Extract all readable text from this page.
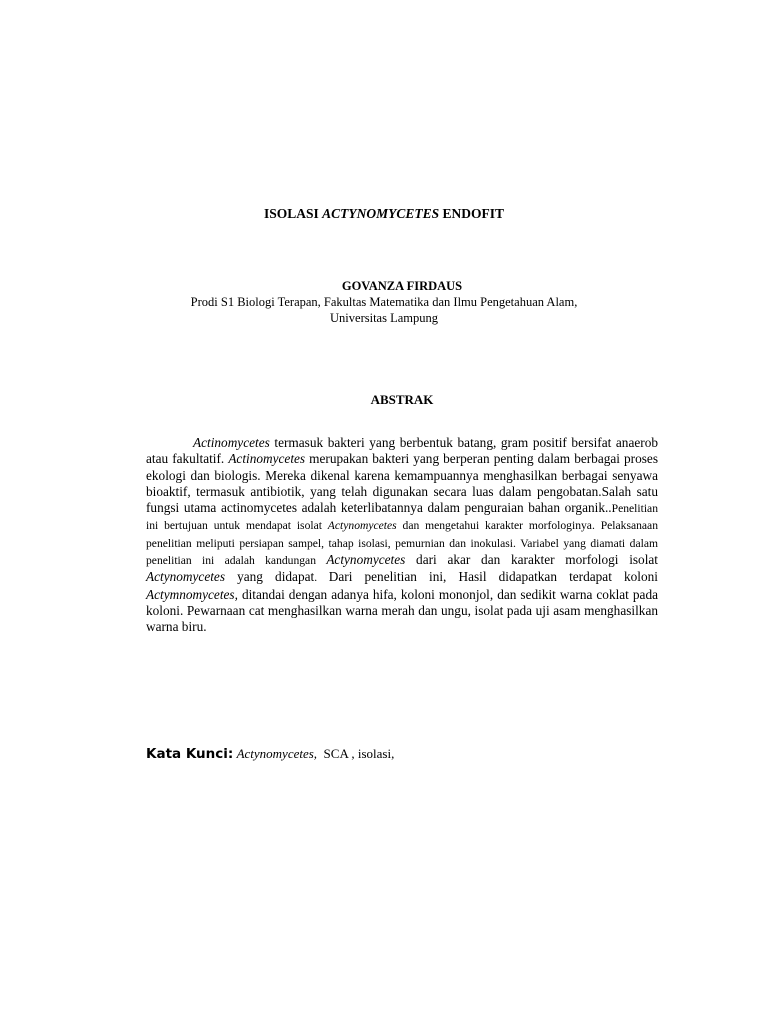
ISOLASI ACTYNOMYCETES ENDOFIT
GOVANZA FIRDAUS
Prodi S1 Biologi Terapan, Fakultas Matematika dan Ilmu Pengetahuan Alam,
Universitas Lampung
ABSTRAK

Actinomycetes termasuk bakteri yang berbentuk batang, gram positif bersifat anaerob atau fakultatif. Actinomycetes merupakan bakteri yang berperan penting dalam berbagai proses ekologi dan biologis. Mereka dikenal karena kemampuannya menghasilkan berbagai senyawa bioaktif, termasuk antibiotik, yang telah digunakan secara luas dalam pengobatan.Salah satu fungsi utama actinomycetes adalah keterlibatannya dalam penguraian bahan organik..Penelitian ini bertujuan untuk mendapat isolat Actynomycetes dan mengetahui karakter morfologinya. Pelaksanaan penelitian meliputi persiapan sampel, tahap isolasi, pemurnian dan inokulasi. Variabel yang diamati dalam penelitian ini adalah kandungan Actynomycetes dari akar dan karakter morfologi isolat Actynomycetes yang didapat. Dari penelitian ini, Hasil didapatkan terdapat koloni Actymnomycetes, ditandai dengan adanya hifa, koloni mononjol, dan sedikit warna coklat pada koloni. Pewarnaan cat menghasilkan warna merah dan ungu, isolat pada uji asam menghasilkan warna biru.

Kata Kunci: Actynomycetes,  SCA , isolasi,
